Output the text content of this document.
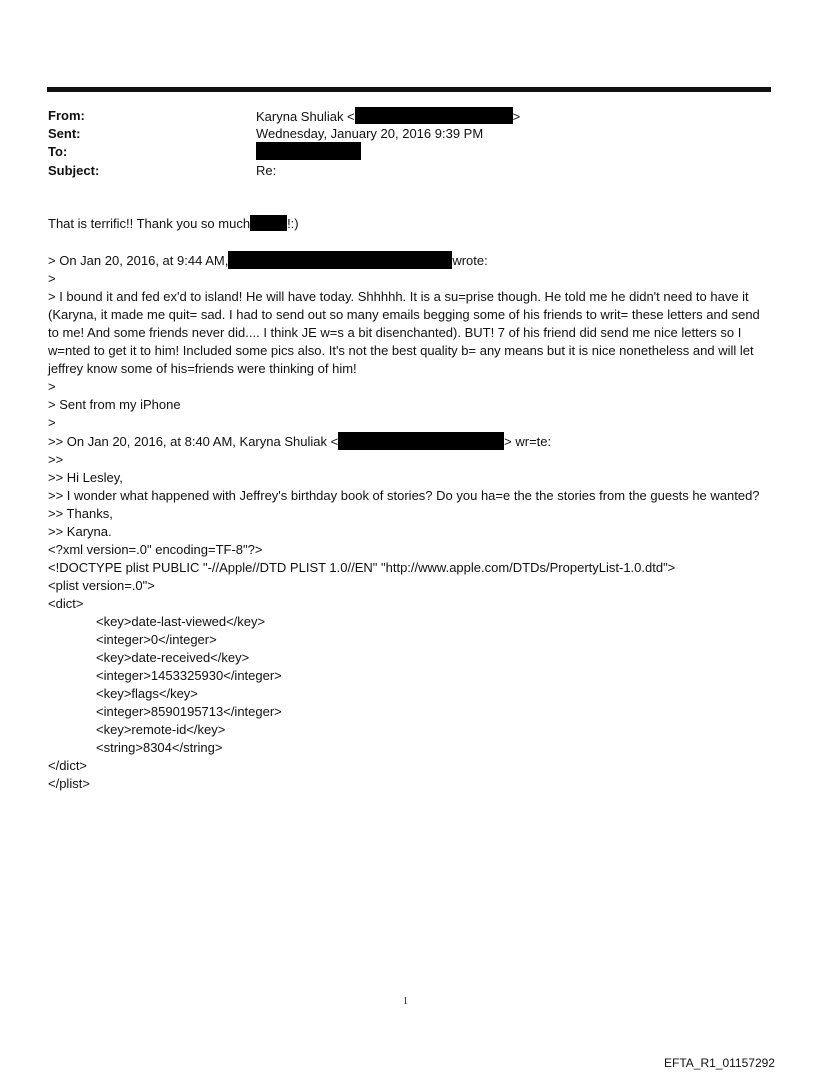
From:	Karyna Shuliak <	>
Sent:	Wednesday, January 20, 2016 9:39 PM
To:
Subject:	Re:
That is terrific!! Thank you so much	!:)
> On Jan 20, 2016, at 9:44 AM,	wrote:
>
> I bound it and fed ex'd to island! He will have today. Shhhhh. It is a su=prise though. He told me he didn't need to have it (Karyna, it made me quit= sad. I had to send out so many emails begging some of his friends to writ= these letters and send to me! And some friends never did.... I think JE w=s a bit disenchanted). BUT! 7 of his friend did send me nice letters so I w=nted to get it to him! Included some pics also. It's not the best quality b= any means but it is nice nonetheless and will let jeffrey know some of his=friends were thinking of him!
>
> Sent from my iPhone
>
>> On Jan 20, 2016, at 8:40 AM, Karyna Shuliak <	> wr=te:
>>
>> Hi Lesley,
>> I wonder what happened with Jeffrey's birthday book of stories? Do you ha=e the the stories from the guests he wanted?
>> Thanks,
>> Karyna.
<?xml version=.0" encoding=TF-8"?>
<!DOCTYPE plist PUBLIC "-//Apple//DTD PLIST 1.0//EN" "http://www.apple.com/DTDs/PropertyList-1.0.dtd">
<plist version=.0">
<dict>
<key>date-last-viewed</key>
<integer>0</integer>
<key>date-received</key>
<integer>1453325930</integer>
<key>flags</key>
<integer>8590195713</integer>
<key>remote-id</key>
<string>8304</string>
</dict>
</plist>
1
EFTA_R1_01157292
